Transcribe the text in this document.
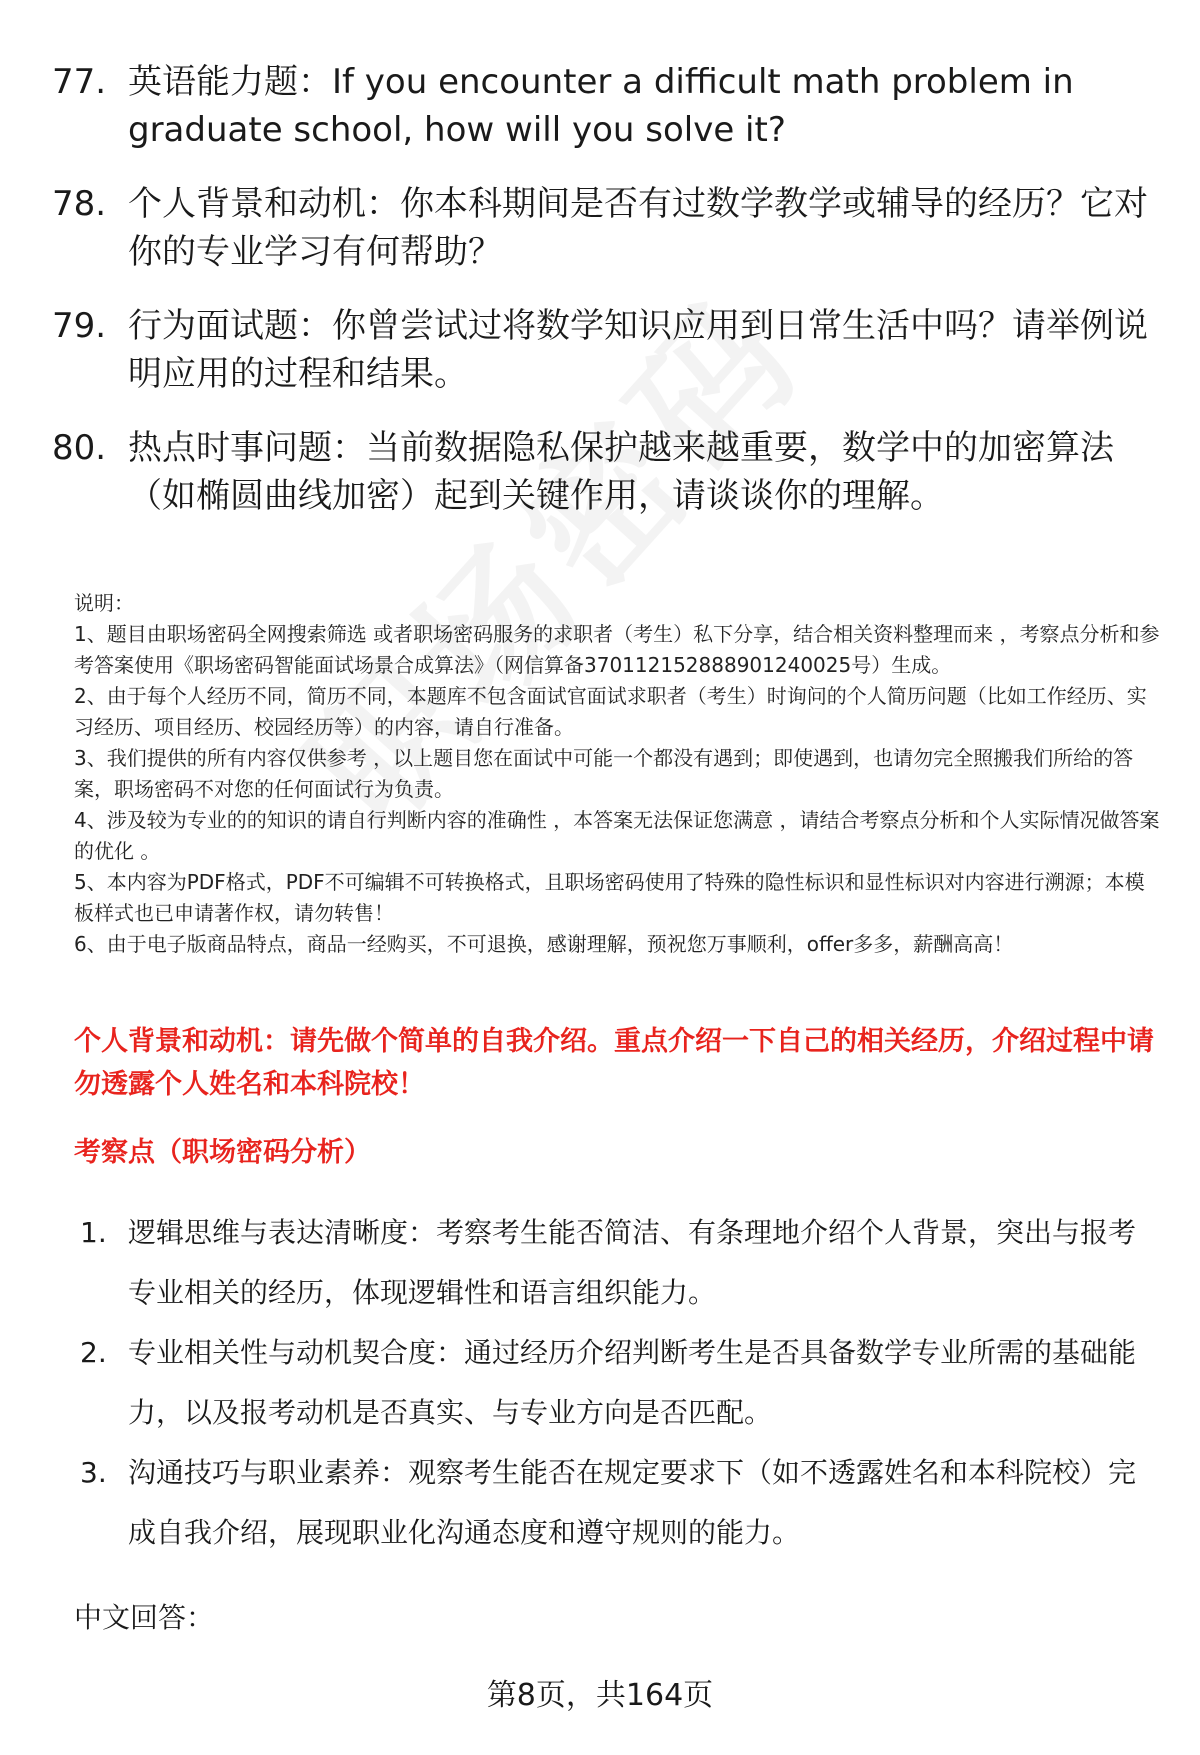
77. 英语能力题：If you encounter a difficult math problem in graduate school, how will you solve it?
78. 个人背景和动机：你本科期间是否有过数学教学或辅导的经历？它对你的专业学习有何帮助？
79. 行为面试题：你曾尝试过将数学知识应用到日常生活中吗？请举例说明应用的过程和结果。
80. 热点时事问题：当前数据隐私保护越来越重要，数学中的加密算法（如椭圆曲线加密）起到关键作用，请谈谈你的理解。

说明：

1、题目由职场密码全网搜索筛选 或者职场密码服务的求职者（考生）私下分享，结合相关资料整理而来 ，考察点分析和参考答案使用《职场密码智能面试场景合成算法》（网信算备370112152888901240025号）生成。

2、由于每个人经历不同，简历不同，本题库不包含面试官面试求职者（考生）时询问的个人简历问题（比如工作经历、实习经历、项目经历、校园经历等）的内容，请自行准备。

3、我们提供的所有内容仅供参考 ，以上题目您在面试中可能一个都没有遇到；即使遇到，也请勿完全照搬我们所给的答案，职场密码不对您的任何面试行为负责。

4、涉及较为专业的的知识的请自行判断内容的准确性 ，本答案无法保证您满意 ，请结合考察点分析和个人实际情况做答案的优化 。

5、本内容为PDF格式，PDF不可编辑不可转换格式，且职场密码使用了特殊的隐性标识和显性标识对内容进行溯源；本模板样式也已申请著作权，请勿转售！

6、由于电子版商品特点，商品一经购买，不可退换，感谢理解，预祝您万事顺利，offer多多，薪酬高高！

个人背景和动机：请先做个简单的自我介绍。重点介绍一下自己的相关经历，介绍过程中请勿透露个人姓名和本科院校！
考察点（职场密码分析）
1. 逻辑思维与表达清晰度：考察考生能否简洁、有条理地介绍个人背景，突出与报考专业相关的经历，体现逻辑性和语言组织能力。
2. 专业相关性与动机契合度：通过经历介绍判断考生是否具备数学专业所需的基础能力，以及报考动机是否真实、与专业方向是否匹配。
3. 沟通技巧与职业素养：观察考生能否在规定要求下（如不透露姓名和本科院校）完成自我介绍，展现职业化沟通态度和遵守规则的能力。
中文回答：
第8页，共164页
